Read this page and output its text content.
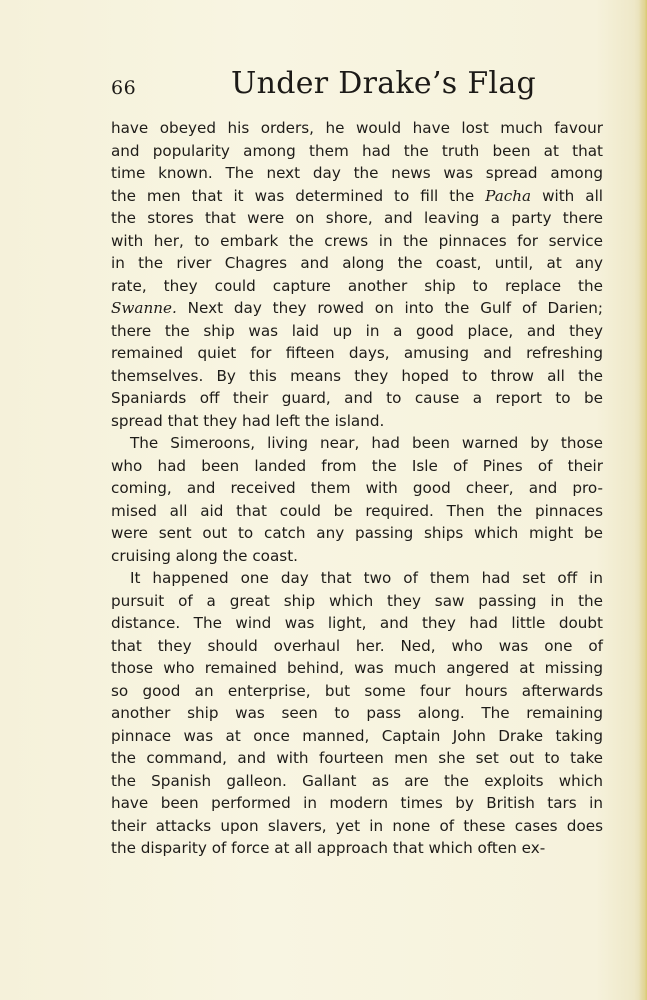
66	Under Drake’s Flag
have obeyed his orders, he would have lost much favour
and popularity among them had the truth been at that
time known. The next day the news was spread among
the men that it was determined to fill the Pacha with all
the stores that were on shore, and leaving a party there
with her, to embark the crews in the pinnaces for service
in the river Chagres and along the coast, until, at any
rate, they could capture another ship to replace the
Swanne. Next day they rowed on into the Gulf of Darien;
there the ship was laid up in a good place, and they
remained quiet for fifteen days, amusing and refreshing
themselves. By this means they hoped to throw all the
Spaniards off their guard, and to cause a report to be
spread that they had left the island.
The Simeroons, living near, had been warned by those
who had been landed from the Isle of Pines of their
coming, and received them with good cheer, and pro-
mised all aid that could be required. Then the pinnaces
were sent out to catch any passing ships which might be
cruising along the coast.
It happened one day that two of them had set off in
pursuit of a great ship which they saw passing in the
distance. The wind was light, and they had little doubt
that they should overhaul her. Ned, who was one of
those who remained behind, was much angered at missing
so good an enterprise, but some four hours afterwards
another ship was seen to pass along. The remaining
pinnace was at once manned, Captain John Drake taking
the command, and with fourteen men she set out to take
the Spanish galleon. Gallant as are the exploits which
have been performed in modern times by British tars in
their attacks upon slavers, yet in none of these cases does
the disparity of force at all approach that which often ex-
